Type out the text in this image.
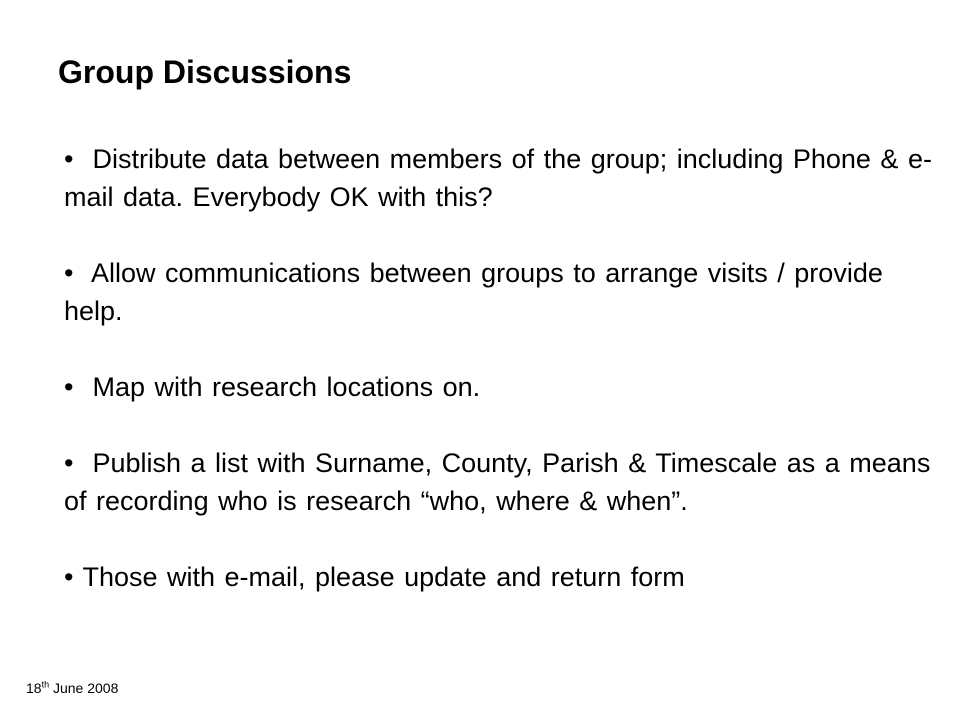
Group Discussions

• Distribute data between members of the group; including Phone & e-mail data. Everybody OK with this?

• Allow communications between groups to arrange visits / provide help.

• Map with research locations on.

• Publish a list with Surname, County, Parish & Timescale as a means of recording who is research “who, where & when”.

• Those with e-mail, please update and return form

18th June 2008
